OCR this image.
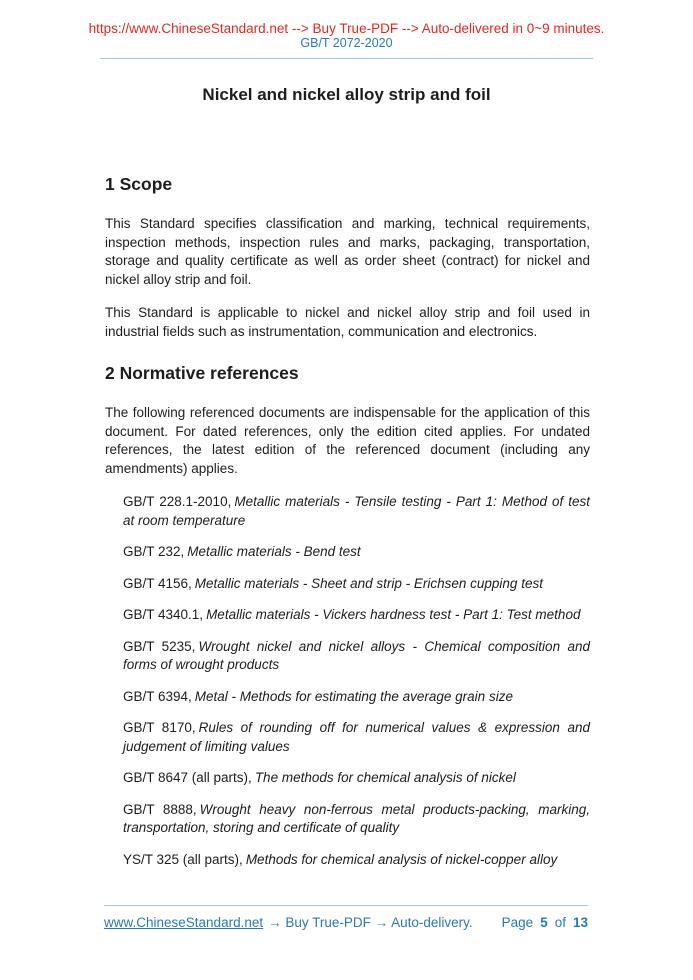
https://www.ChineseStandard.net --> Buy True-PDF --> Auto-delivered in 0~9 minutes.
GB/T 2072-2020
Nickel and nickel alloy strip and foil
1 Scope

This Standard specifies classification and marking, technical requirements, inspection methods, inspection rules and marks, packaging, transportation, storage and quality certificate as well as order sheet (contract) for nickel and nickel alloy strip and foil.

This Standard is applicable to nickel and nickel alloy strip and foil used in industrial fields such as instrumentation, communication and electronics.

2 Normative references

The following referenced documents are indispensable for the application of this document. For dated references, only the edition cited applies. For undated references, the latest edition of the referenced document (including any amendments) applies.

GB/T 228.1-2010, Metallic materials - Tensile testing - Part 1: Method of test at room temperature
GB/T 232, Metallic materials - Bend test
GB/T 4156, Metallic materials - Sheet and strip - Erichsen cupping test
GB/T 4340.1, Metallic materials - Vickers hardness test - Part 1: Test method
GB/T 5235, Wrought nickel and nickel alloys - Chemical composition and forms of wrought products
GB/T 6394, Metal - Methods for estimating the average grain size
GB/T 8170, Rules of rounding off for numerical values & expression and judgement of limiting values
GB/T 8647 (all parts), The methods for chemical analysis of nickel
GB/T 8888, Wrought heavy non-ferrous metal products-packing, marking, transportation, storing and certificate of quality
YS/T 325 (all parts), Methods for chemical analysis of nickel-copper alloy
www.ChineseStandard.net → Buy True-PDF → Auto-delivery. Page 5 of 13
